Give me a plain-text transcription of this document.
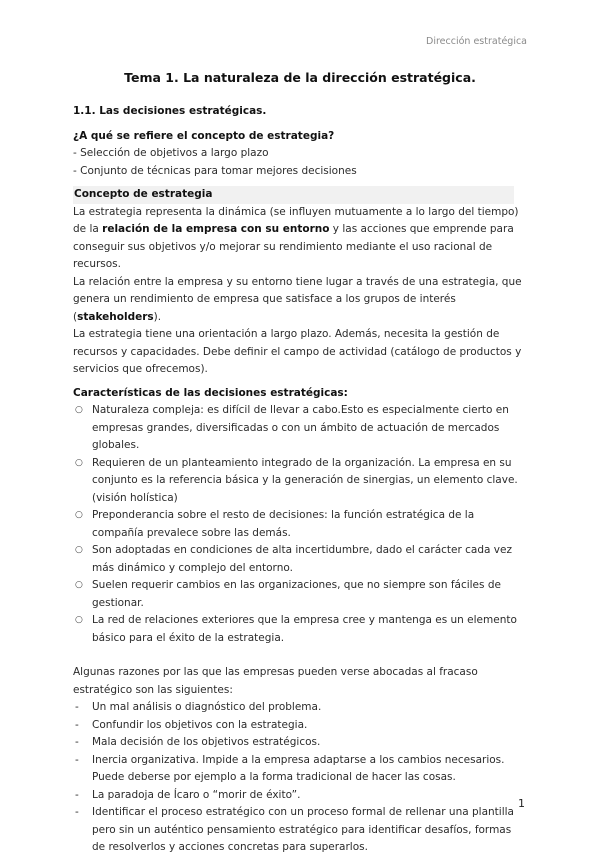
Dirección estratégica
Tema 1. La naturaleza de la dirección estratégica.
1.1. Las decisiones estratégicas.
¿A qué se refiere el concepto de estrategia?
- Selección de objetivos a largo plazo
- Conjunto de técnicas para tomar mejores decisiones
Concepto de estrategia

La estrategia representa la dinámica (se influyen mutuamente a lo largo del tiempo) de la relación de la empresa con su entorno y las acciones que emprende para conseguir sus objetivos y/o mejorar su rendimiento mediante el uso racional de recursos.

La relación entre la empresa y su entorno tiene lugar a través de una estrategia, que genera un rendimiento de empresa que satisface a los grupos de interés (stakeholders).

La estrategia tiene una orientación a largo plazo. Además, necesita la gestión de recursos y capacidades. Debe definir el campo de actividad (catálogo de productos y servicios que ofrecemos).

Características de las decisiones estratégicas:
○ Naturaleza compleja: es difícil de llevar a cabo.Esto es especialmente cierto en empresas grandes, diversificadas o con un ámbito de actuación de mercados globales.
○ Requieren de un planteamiento integrado de la organización. La empresa en su conjunto es la referencia básica y la generación de sinergias, un elemento clave. (visión holística)
○ Preponderancia sobre el resto de decisiones: la función estratégica de la compañía prevalece sobre las demás.
○ Son adoptadas en condiciones de alta incertidumbre, dado el carácter cada vez más dinámico y complejo del entorno.
○ Suelen requerir cambios en las organizaciones, que no siempre son fáciles de gestionar.
○ La red de relaciones exteriores que la empresa cree y mantenga es un elemento básico para el éxito de la estrategia.

Algunas razones por las que las empresas pueden verse abocadas al fracaso estratégico son las siguientes:

- Un mal análisis o diagnóstico del problema.
- Confundir los objetivos con la estrategia.
- Mala decisión de los objetivos estratégicos.
- Inercia organizativa. Impide a la empresa adaptarse a los cambios necesarios. Puede deberse por ejemplo a la forma tradicional de hacer las cosas.
- La paradoja de Ícaro o “morir de éxito”.
- Identificar el proceso estratégico con un proceso formal de rellenar una plantilla pero sin un auténtico pensamiento estratégico para identificar desafíos, formas de resolverlos y acciones concretas para superarlos.
1
